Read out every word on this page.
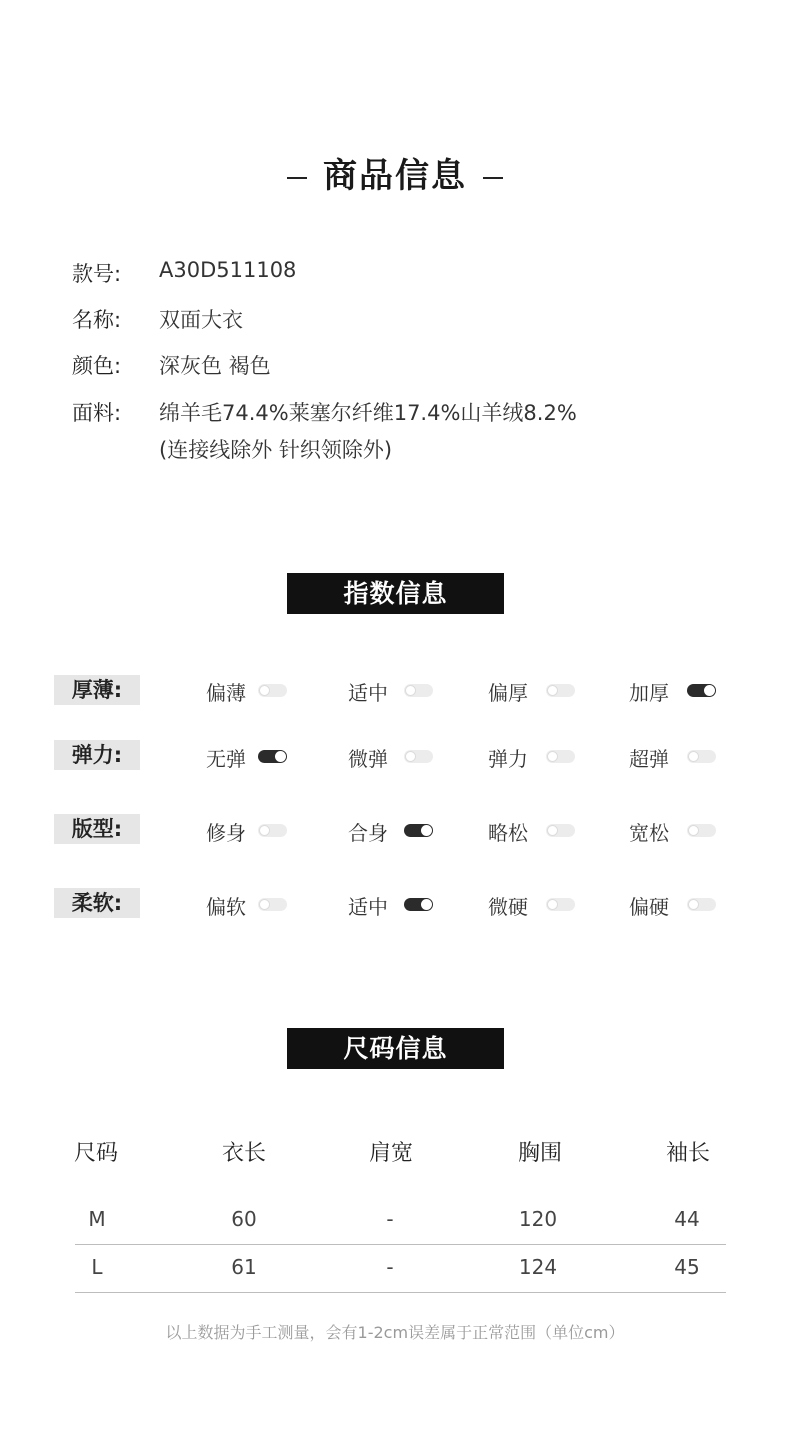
商品信息
款号: A30D511108
名称: 双面大衣
颜色: 深灰色 褐色
面料: 绵羊毛74.4%莱塞尔纤维17.4%山羊绒8.2%
(连接线除外 针织领除外)
指数信息
厚薄:	偏薄	适中	偏厚	加厚
弹力:	无弹	微弹	弹力	超弹
版型:	修身	合身	略松	宽松
柔软:	偏软	适中	微硬	偏硬
尺码信息
尺码	衣长	肩宽	胸围	袖长
M	60	-	120	44
L	61	-	124	45
以上数据为手工测量，会有1-2cm误差属于正常范围（单位cm）
